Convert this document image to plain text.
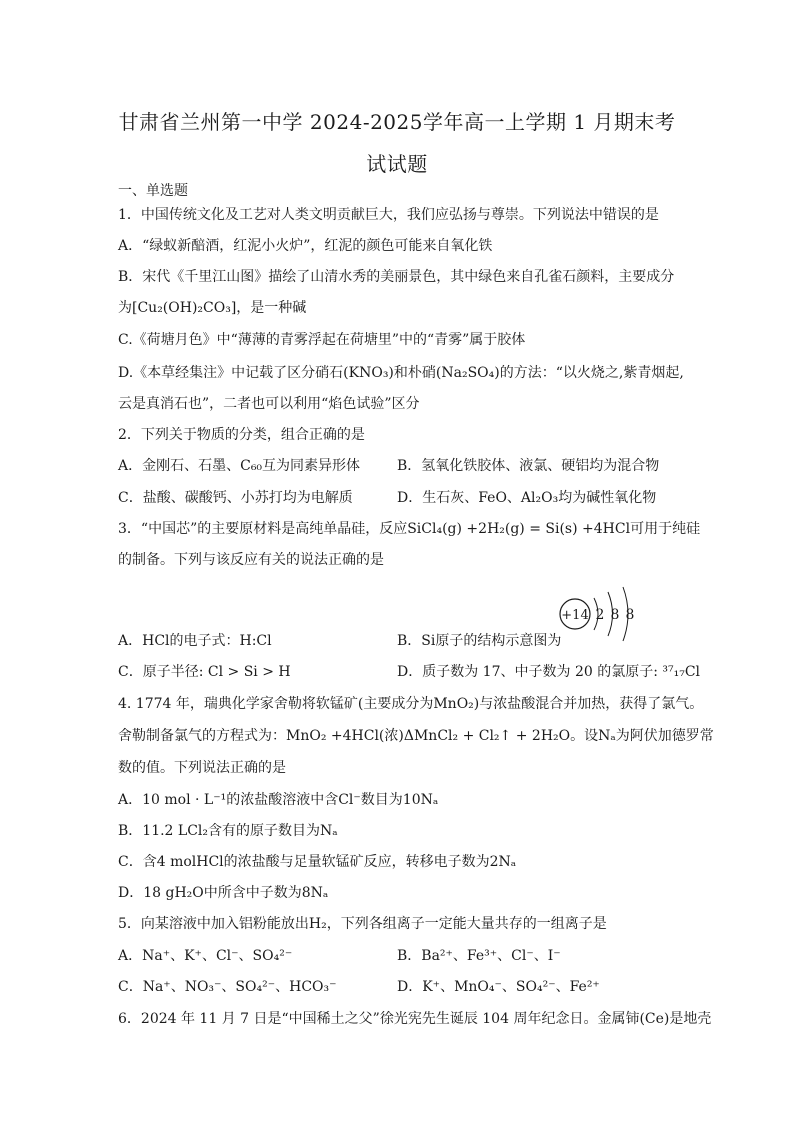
甘肃省兰州第一中学 2024-2025学年高一上学期 1 月期末考
试试题
一、单选题
1．中国传统文化及工艺对人类文明贡献巨大，我们应弘扬与尊崇。下列说法中错误的是
A．“绿蚁新醅酒，红泥小火炉”，红泥的颜色可能来自氧化铁
B．宋代《千里江山图》描绘了山清水秀的美丽景色，其中绿色来自孔雀石颜料，主要成分
为[Cu₂(OH)₂CO₃]，是一种碱
C.《荷塘月色》中“薄薄的青雾浮起在荷塘里”中的“青雾”属于胶体
D.《本草经集注》中记载了区分硝石(KNO₃)和朴硝(Na₂SO₄)的方法：“以火烧之,紫青烟起,
云是真消石也”，二者也可以利用“焰色试验”区分
2．下列关于物质的分类，组合正确的是
A．金刚石、石墨、C₆₀互为同素异形体	B．氢氧化铁胶体、液氯、硬铝均为混合物
C．盐酸、碳酸钙、小苏打均为电解质	D．生石灰、FeO、Al₂O₃均为碱性氧化物
3．“中国芯”的主要原材料是高纯单晶硅，反应SiCl₄(g) +2H₂(g) = Si(s) +4HCl可用于纯硅
的制备。下列与该反应有关的说法正确的是
+14 2 8 8
A．HCl的电子式：H:Cl	B．Si原子的结构示意图为
C．原子半径: Cl > Si > H	D．质子数为 17、中子数为 20 的氯原子: ³⁷₁₇Cl
4. 1774 年，瑞典化学家舍勒将软锰矿(主要成分为MnO₂)与浓盐酸混合并加热，获得了氯气。
舍勒制备氯气的方程式为：MnO₂ +4HCl(浓)ΔMnCl₂ + Cl₂↑ + 2H₂O。设Nₐ为阿伏加德罗常
数的值。下列说法正确的是
A．10 mol · L⁻¹的浓盐酸溶液中含Cl⁻数目为10Nₐ
B．11.2 LCl₂含有的原子数目为Nₐ
C．含4 molHCl的浓盐酸与足量软锰矿反应，转移电子数为2Nₐ
D．18 gH₂O中所含中子数为8Nₐ
5．向某溶液中加入铝粉能放出H₂，下列各组离子一定能大量共存的一组离子是
A．Na⁺、K⁺、Cl⁻、SO₄²⁻	B．Ba²⁺、Fe³⁺、Cl⁻、I⁻
C．Na⁺、NO₃⁻、SO₄²⁻、HCO₃⁻	D．K⁺、MnO₄⁻、SO₄²⁻、Fe²⁺
6．2024 年 11 月 7 日是“中国稀土之父”徐光宪先生诞辰 104 周年纪念日。金属铈(Ce)是地壳
